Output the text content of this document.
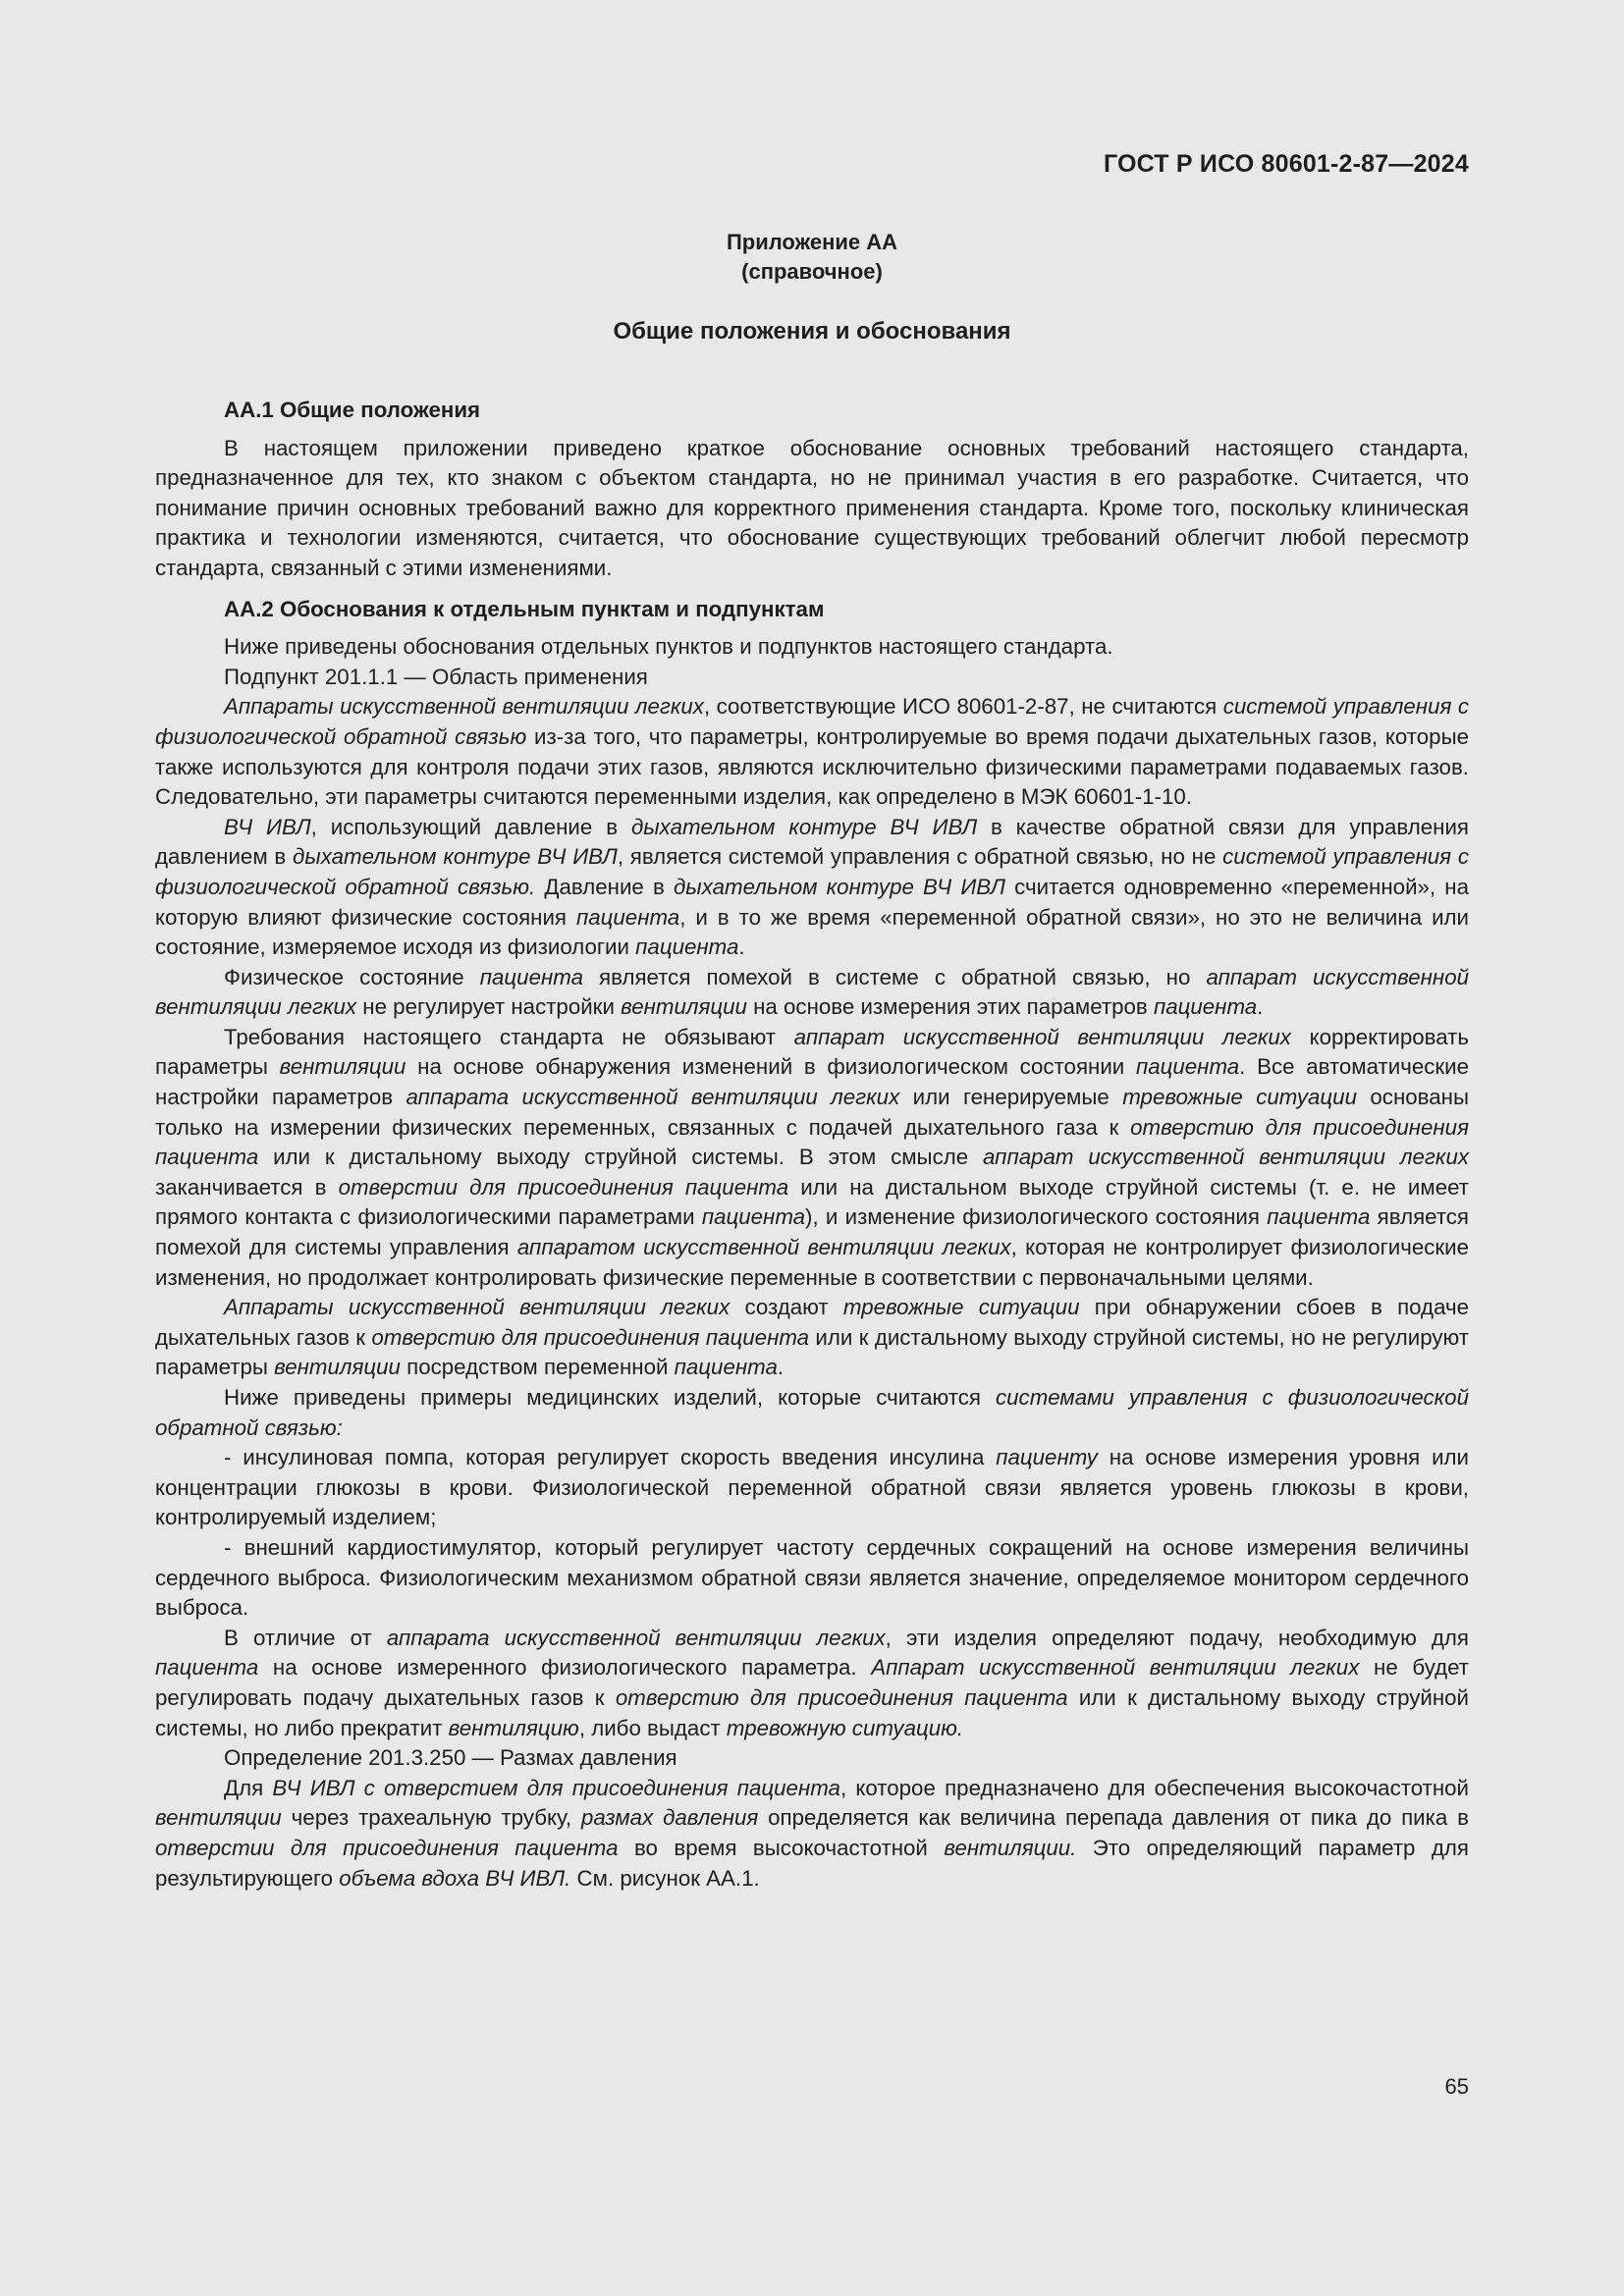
ГОСТ Р ИСО 80601-2-87—2024
Приложение АА
(справочное)
Общие положения и обоснования
АА.1 Общие положения

В настоящем приложении приведено краткое обоснование основных требований настоящего стандарта, предназначенное для тех, кто знаком с объектом стандарта, но не принимал участия в его разработке. Считается, что понимание причин основных требований важно для корректного применения стандарта. Кроме того, поскольку клиническая практика и технологии изменяются, считается, что обоснование существующих требований облегчит любой пересмотр стандарта, связанный с этими изменениями.

АА.2 Обоснования к отдельным пунктам и подпунктам

Ниже приведены обоснования отдельных пунктов и подпунктов настоящего стандарта.

Подпункт 201.1.1 — Область применения

Аппараты искусственной вентиляции легких, соответствующие ИСО 80601-2-87, не считаются системой управления с физиологической обратной связью из-за того, что параметры, контролируемые во время подачи дыхательных газов, которые также используются для контроля подачи этих газов, являются исключительно физическими параметрами подаваемых газов. Следовательно, эти параметры считаются переменными изделия, как определено в МЭК 60601-1-10.

ВЧ ИВЛ, использующий давление в дыхательном контуре ВЧ ИВЛ в качестве обратной связи для управления давлением в дыхательном контуре ВЧ ИВЛ, является системой управления с обратной связью, но не системой управления с физиологической обратной связью. Давление в дыхательном контуре ВЧ ИВЛ считается одновременно «переменной», на которую влияют физические состояния пациента, и в то же время «переменной обратной связи», но это не величина или состояние, измеряемое исходя из физиологии пациента.

Физическое состояние пациента является помехой в системе с обратной связью, но аппарат искусственной вентиляции легких не регулирует настройки вентиляции на основе измерения этих параметров пациента.

Требования настоящего стандарта не обязывают аппарат искусственной вентиляции легких корректировать параметры вентиляции на основе обнаружения изменений в физиологическом состоянии пациента. Все автоматические настройки параметров аппарата искусственной вентиляции легких или генерируемые тревожные ситуации основаны только на измерении физических переменных, связанных с подачей дыхательного газа к отверстию для присоединения пациента или к дистальному выходу струйной системы. В этом смысле аппарат искусственной вентиляции легких заканчивается в отверстии для присоединения пациента или на дистальном выходе струйной системы (т. е. не имеет прямого контакта с физиологическими параметрами пациента), и изменение физиологического состояния пациента является помехой для системы управления аппаратом искусственной вентиляции легких, которая не контролирует физиологические изменения, но продолжает контролировать физические переменные в соответствии с первоначальными целями.

Аппараты искусственной вентиляции легких создают тревожные ситуации при обнаружении сбоев в подаче дыхательных газов к отверстию для присоединения пациента или к дистальному выходу струйной системы, но не регулируют параметры вентиляции посредством переменной пациента.

Ниже приведены примеры медицинских изделий, которые считаются системами управления с физиологической обратной связью:

- инсулиновая помпа, которая регулирует скорость введения инсулина пациенту на основе измерения уровня или концентрации глюкозы в крови. Физиологической переменной обратной связи является уровень глюкозы в крови, контролируемый изделием;

- внешний кардиостимулятор, который регулирует частоту сердечных сокращений на основе измерения величины сердечного выброса. Физиологическим механизмом обратной связи является значение, определяемое монитором сердечного выброса.

В отличие от аппарата искусственной вентиляции легких, эти изделия определяют подачу, необходимую для пациента на основе измеренного физиологического параметра. Аппарат искусственной вентиляции легких не будет регулировать подачу дыхательных газов к отверстию для присоединения пациента или к дистальному выходу струйной системы, но либо прекратит вентиляцию, либо выдаст тревожную ситуацию.

Определение 201.3.250 — Размах давления

Для ВЧ ИВЛ с отверстием для присоединения пациента, которое предназначено для обеспечения высокочастотной вентиляции через трахеальную трубку, размах давления определяется как величина перепада давления от пика до пика в отверстии для присоединения пациента во время высокочастотной вентиляции. Это определяющий параметр для результирующего объема вдоха ВЧ ИВЛ. См. рисунок АА.1.

65
